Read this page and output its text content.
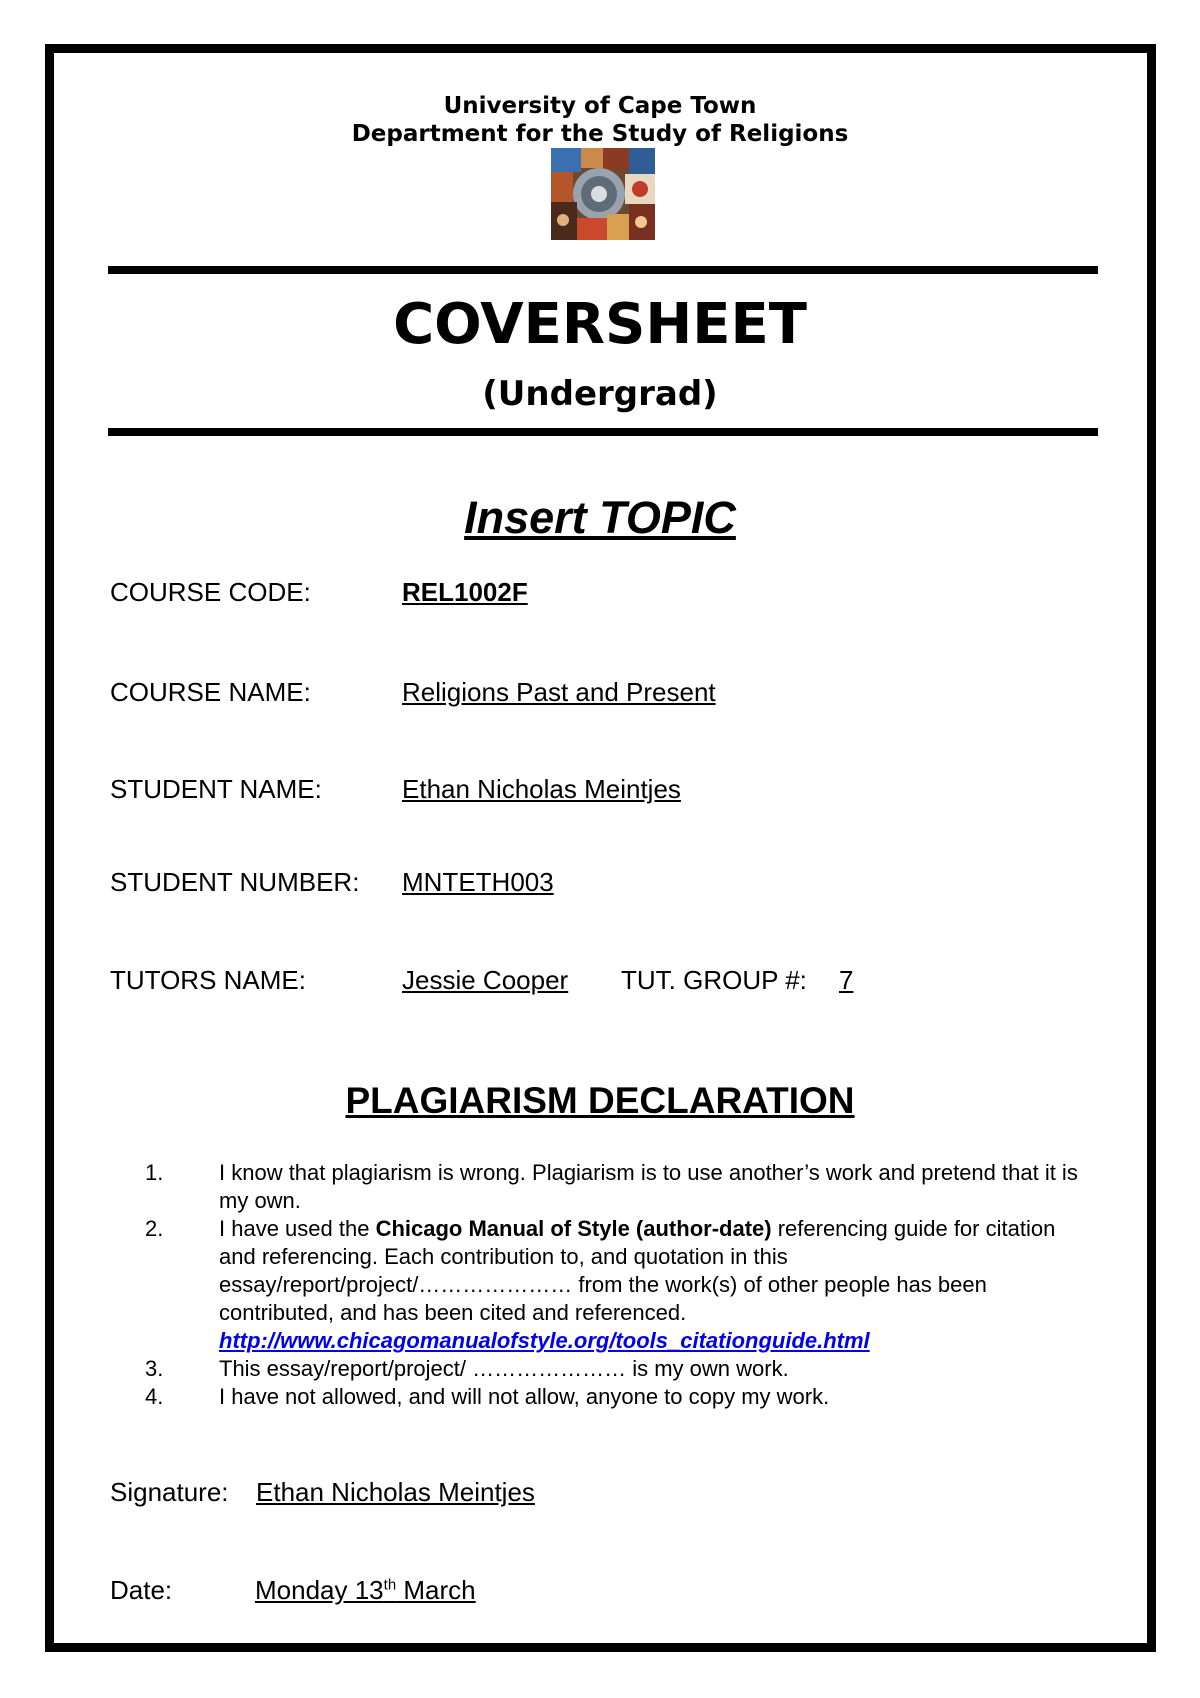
University of Cape Town
Department for the Study of Religions
COVERSHEET
(Undergrad)
Insert TOPIC
COURSE CODE:	REL1002F
COURSE NAME:	Religions Past and Present
STUDENT NAME:	Ethan Nicholas Meintjes
STUDENT NUMBER: MNTETH003
TUTORS NAME:	Jessie Cooper TUT. GROUP #: 7
PLAGIARISM DECLARATION
1.	I know that plagiarism is wrong. Plagiarism is to use another’s work and pretend that it is my own.
2.	I have used the Chicago Manual of Style (author-date) referencing guide for citation and referencing. Each contribution to, and quotation in this essay/report/project/………………… from the work(s) of other people has been contributed, and has been cited and referenced.
http://www.chicagomanualofstyle.org/tools_citationguide.html
3.	This essay/report/project/ ………………… is my own work.
4.	I have not allowed, and will not allow, anyone to copy my work.
Signature: Ethan Nicholas Meintjes
Date:	Monday 13th March
